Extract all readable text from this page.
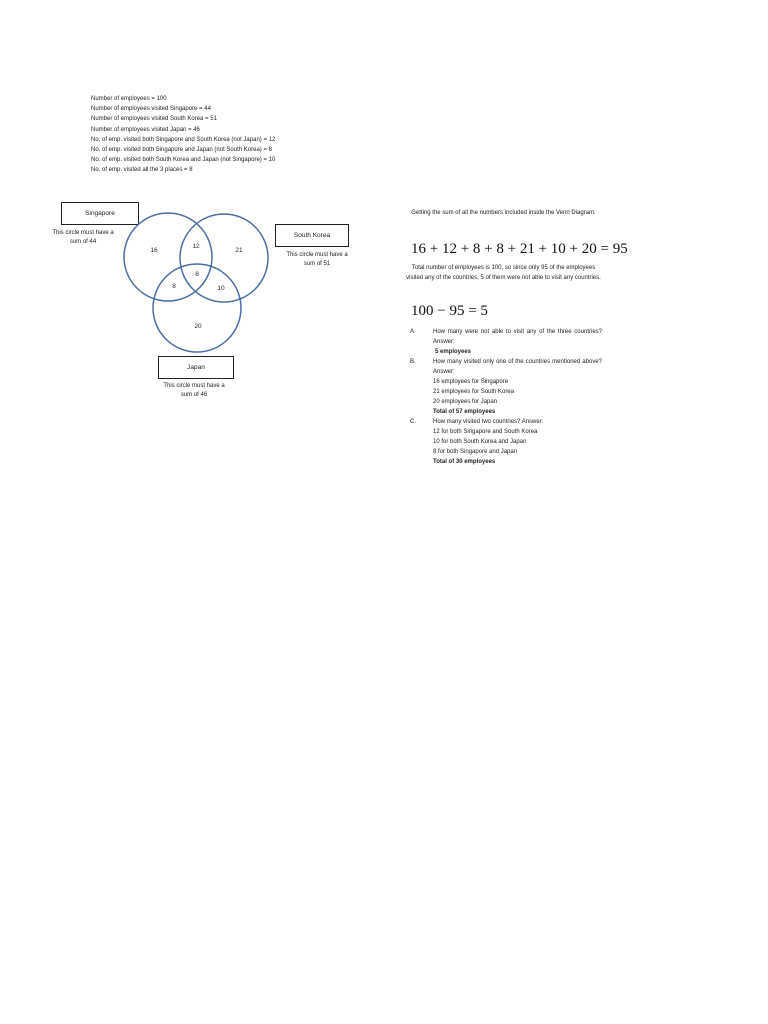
Number of employees = 100
Number of employees visited Singapore = 44
Number of employees visited South Korea = 51
Number of employees visited Japan = 46
No. of emp. visited both Singapore and South Korea (not Japan) = 12
No. of emp. visited both Singapore and Japan (not South Korea) = 8
No. of emp. visited both South Korea and Japan (not Singapore) = 10
No. of emp. visited all the 3 places = 8
Singapore
This circle must have a
sum of 44
South Korea
This circle must have a
sum of 51
Japan
This circle must have a
sum of 46
16
12
21
8
8	10
20
Getting the sum of all the numbers included inside the Venn Diagram:
16 + 12 + 8 + 8 + 21 + 10 + 20 = 95
Total number of employees is 100, so since only 95 of the employees visited any of the countries, 5 of them were not able to visit any countries.
100 − 95 = 5
A.	How many were not able to visit any of the three countries? Answer:
5 employees
B.	How many visited only one of the countries mentioned above? Answer:
16 employees for Singapore
21 employees for South Korea
20 employees for Japan
Total of 57 employees
C.	How many visited two countries? Answer:
12 for both Singapore and South Korea
10 for both South Korea and Japan
8 for both Singapore and Japan
Total of 30 employees
